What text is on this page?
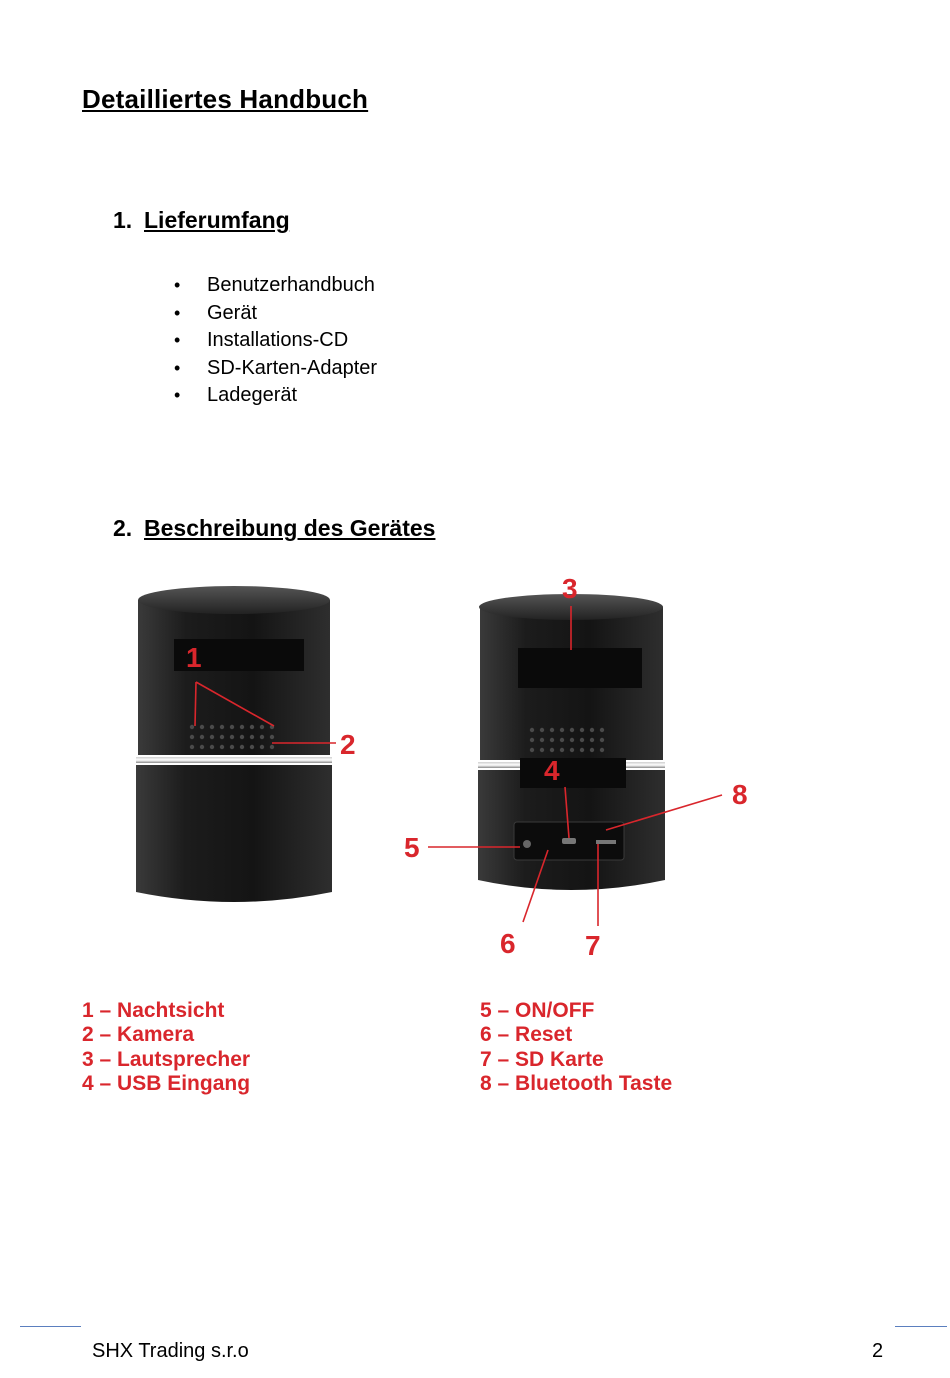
Detailliertes Handbuch
1. Lieferumfang
• Benutzerhandbuch
• Gerät
• Installations-CD
• SD-Karten-Adapter
• Ladegerät
2. Beschreibung des Gerätes
1
2
3
4
5
6 7
8
1 – Nachtsicht
2 – Kamera
3 – Lautsprecher
4 – USB Eingang
5 – ON/OFF
6 – Reset
7 – SD Karte
8 – Bluetooth Taste
SHX Trading s.r.o	2
